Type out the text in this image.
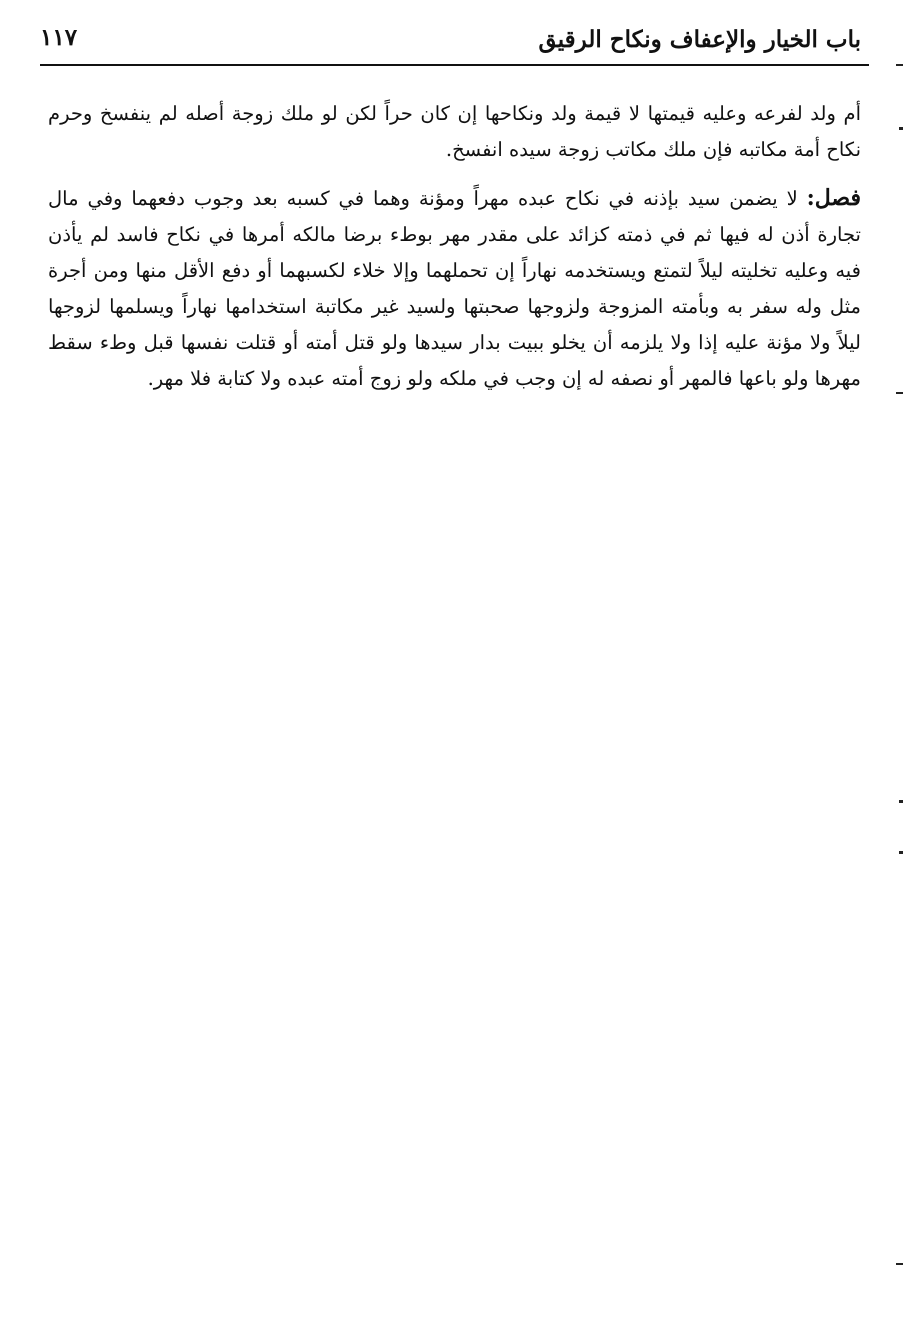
باب الخيار والإعفاف ونكاح الرقيق
١١٧

أم ولد لفرعه وعليه قيمتها لا قيمة ولد ونكاحها إن كان حراً لكن لو ملك زوجة أصله لم ينفسخ وحرم نكاح أمة مكاتبه فإن ملك مكاتب زوجة سيده انفسخ.

فصل: لا يضمن سيد بإذنه في نكاح عبده مهراً ومؤنة وهما في كسبه بعد وجوب دفعهما وفي مال تجارة أذن له فيها ثم في ذمته كزائد على مقدر مهر بوطء برضا مالكه أمرها في نكاح فاسد لم يأذن فيه وعليه تخليته ليلاً لتمتع ويستخدمه نهاراً إن تحملهما وإلا خلاء لكسبهما أو دفع الأقل منها ومن أجرة مثل وله سفر به وبأمته المزوجة ولزوجها صحبتها ولسيد غير مكاتبة استخدامها نهاراً ويسلمها لزوجها ليلاً ولا مؤنة عليه إذا ولا يلزمه أن يخلو ببيت بدار سيدها ولو قتل أمته أو قتلت نفسها قبل وطء سقط مهرها ولو باعها فالمهر أو نصفه له إن وجب في ملكه ولو زوج أمته عبده ولا كتابة فلا مهر.
